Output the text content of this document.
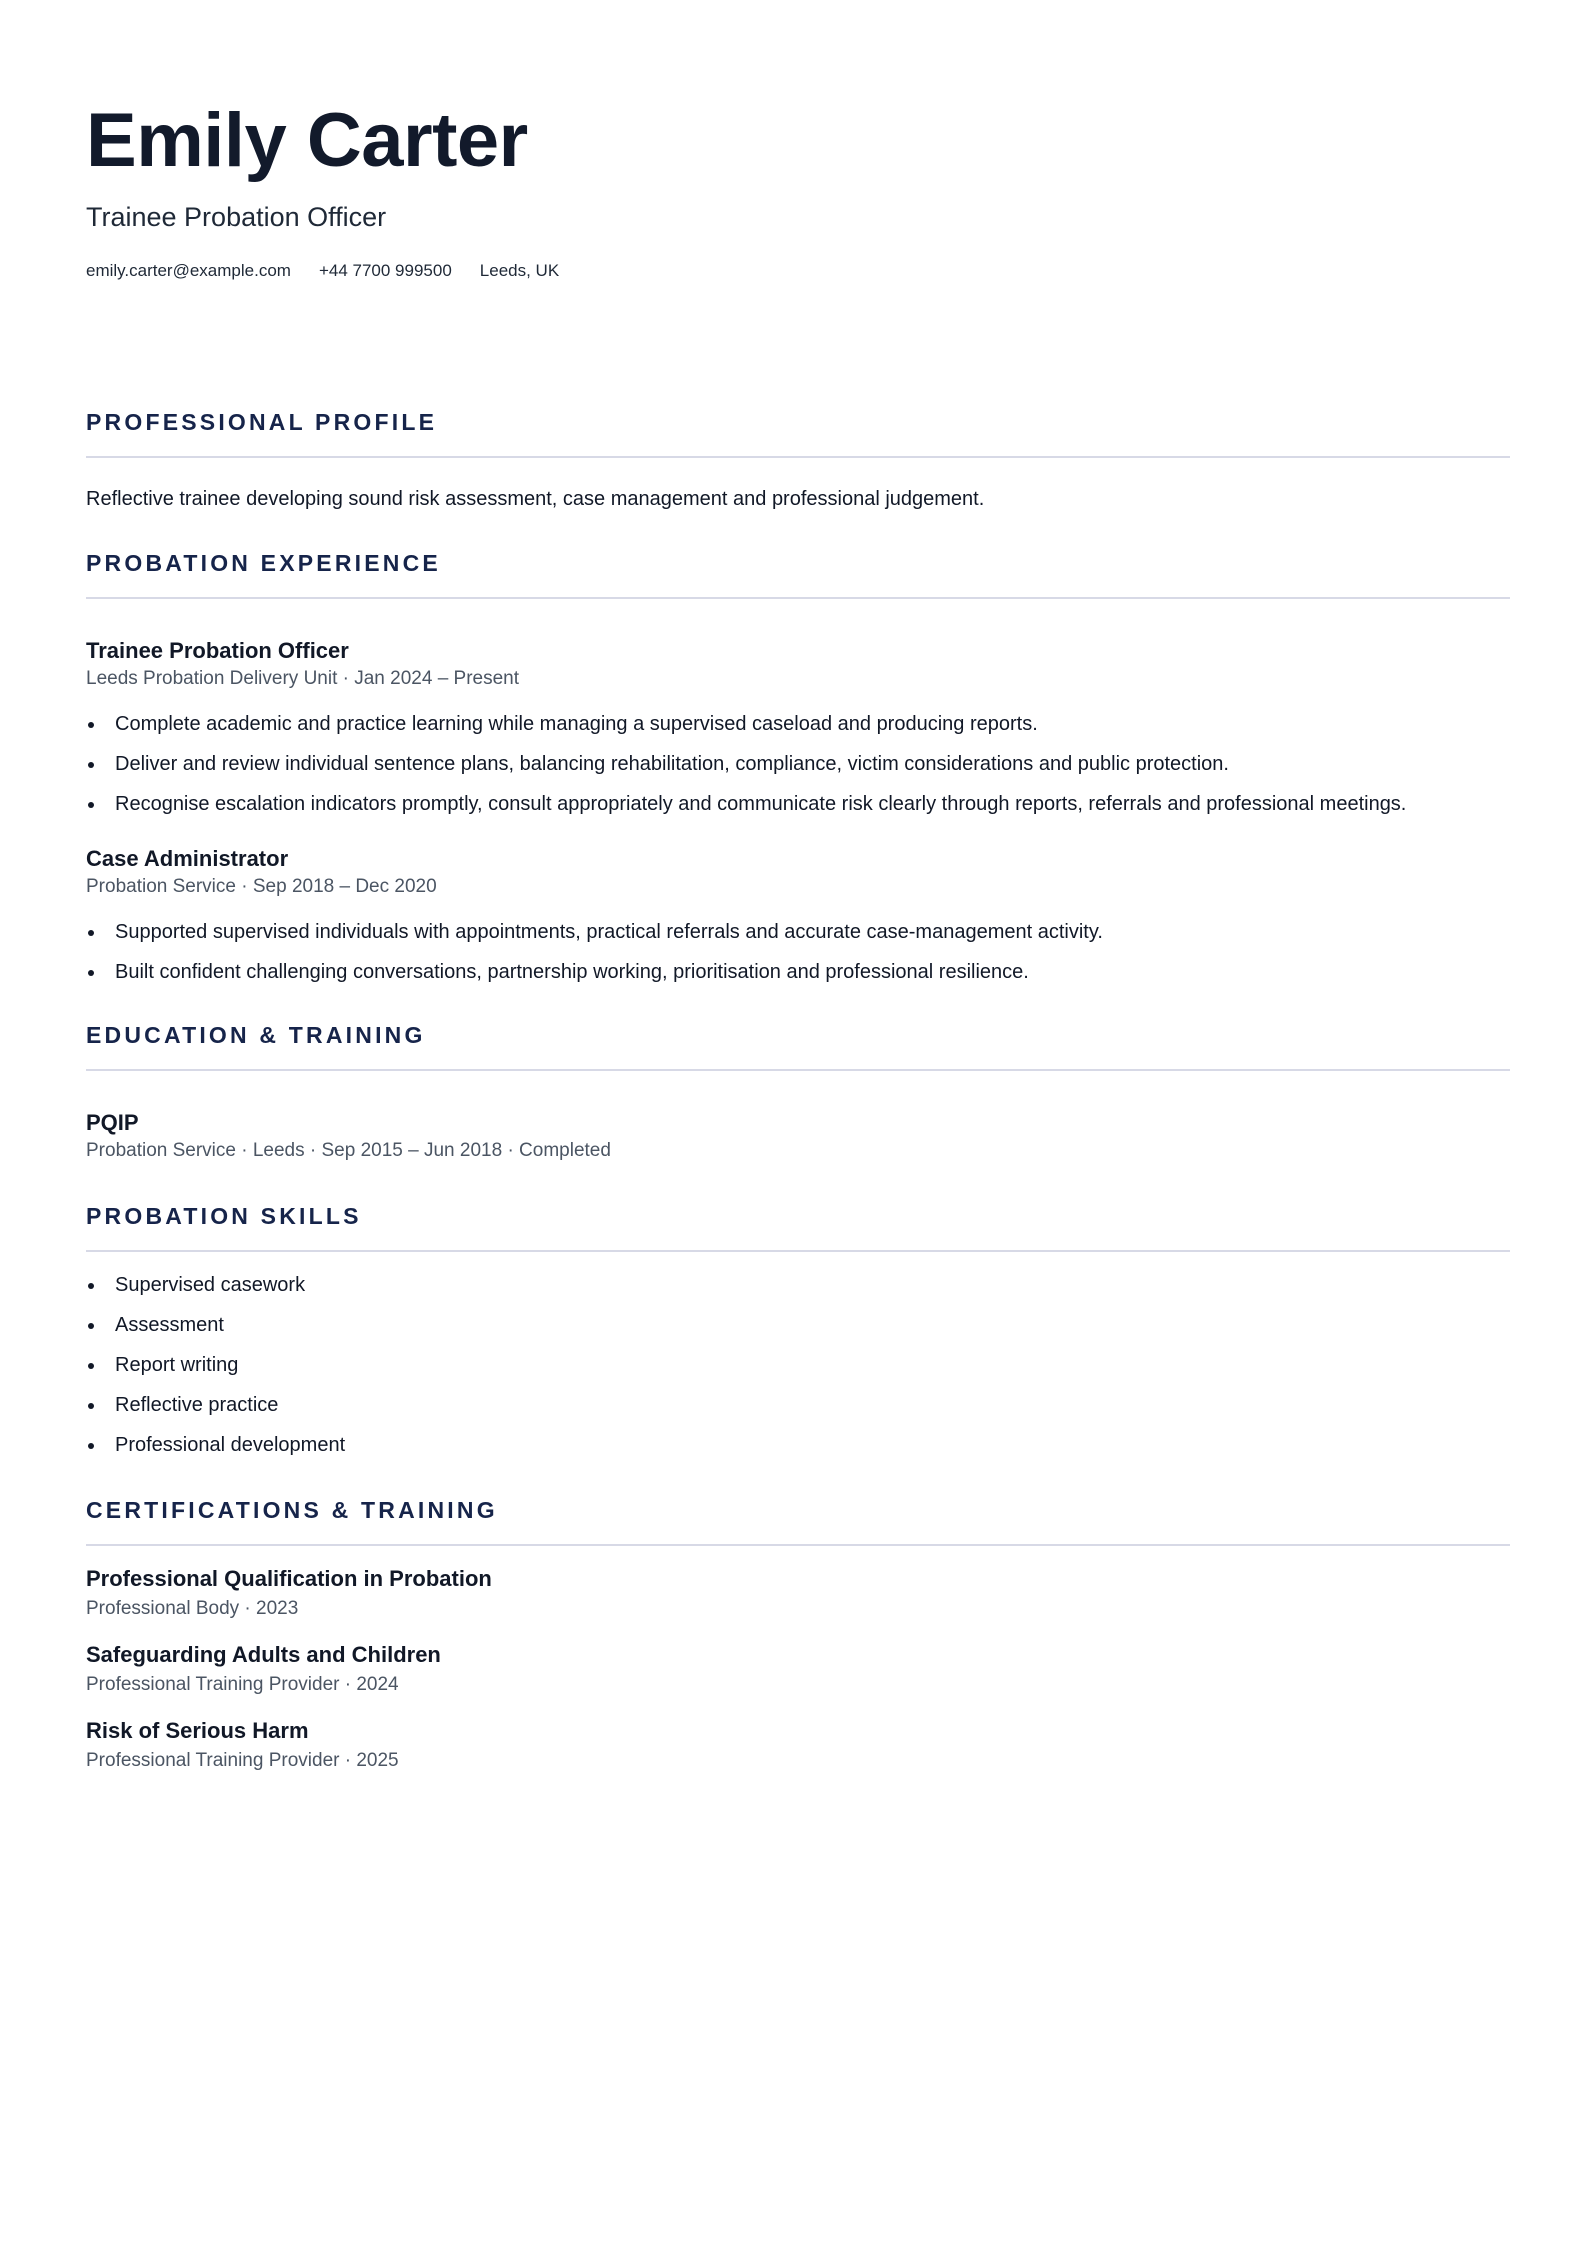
Emily Carter
Trainee Probation Officer
emily.carter@example.com +44 7700 999500 Leeds, UK
PROFESSIONAL PROFILE
Reflective trainee developing sound risk assessment, case management and professional judgement.
PROBATION EXPERIENCE
Trainee Probation Officer
Leeds Probation Delivery Unit · Jan 2024 – Present
Complete academic and practice learning while managing a supervised caseload and producing reports.
Deliver and review individual sentence plans, balancing rehabilitation, compliance, victim considerations and public protection.
Recognise escalation indicators promptly, consult appropriately and communicate risk clearly through reports, referrals and professional meetings.
Case Administrator
Probation Service · Sep 2018 – Dec 2020
Supported supervised individuals with appointments, practical referrals and accurate case-management activity.
Built confident challenging conversations, partnership working, prioritisation and professional resilience.
EDUCATION & TRAINING
PQIP
Probation Service · Leeds · Sep 2015 – Jun 2018 · Completed
PROBATION SKILLS
Supervised casework
Assessment
Report writing
Reflective practice
Professional development
CERTIFICATIONS & TRAINING
Professional Qualification in Probation
Professional Body · 2023
Safeguarding Adults and Children
Professional Training Provider · 2024
Risk of Serious Harm
Professional Training Provider · 2025
